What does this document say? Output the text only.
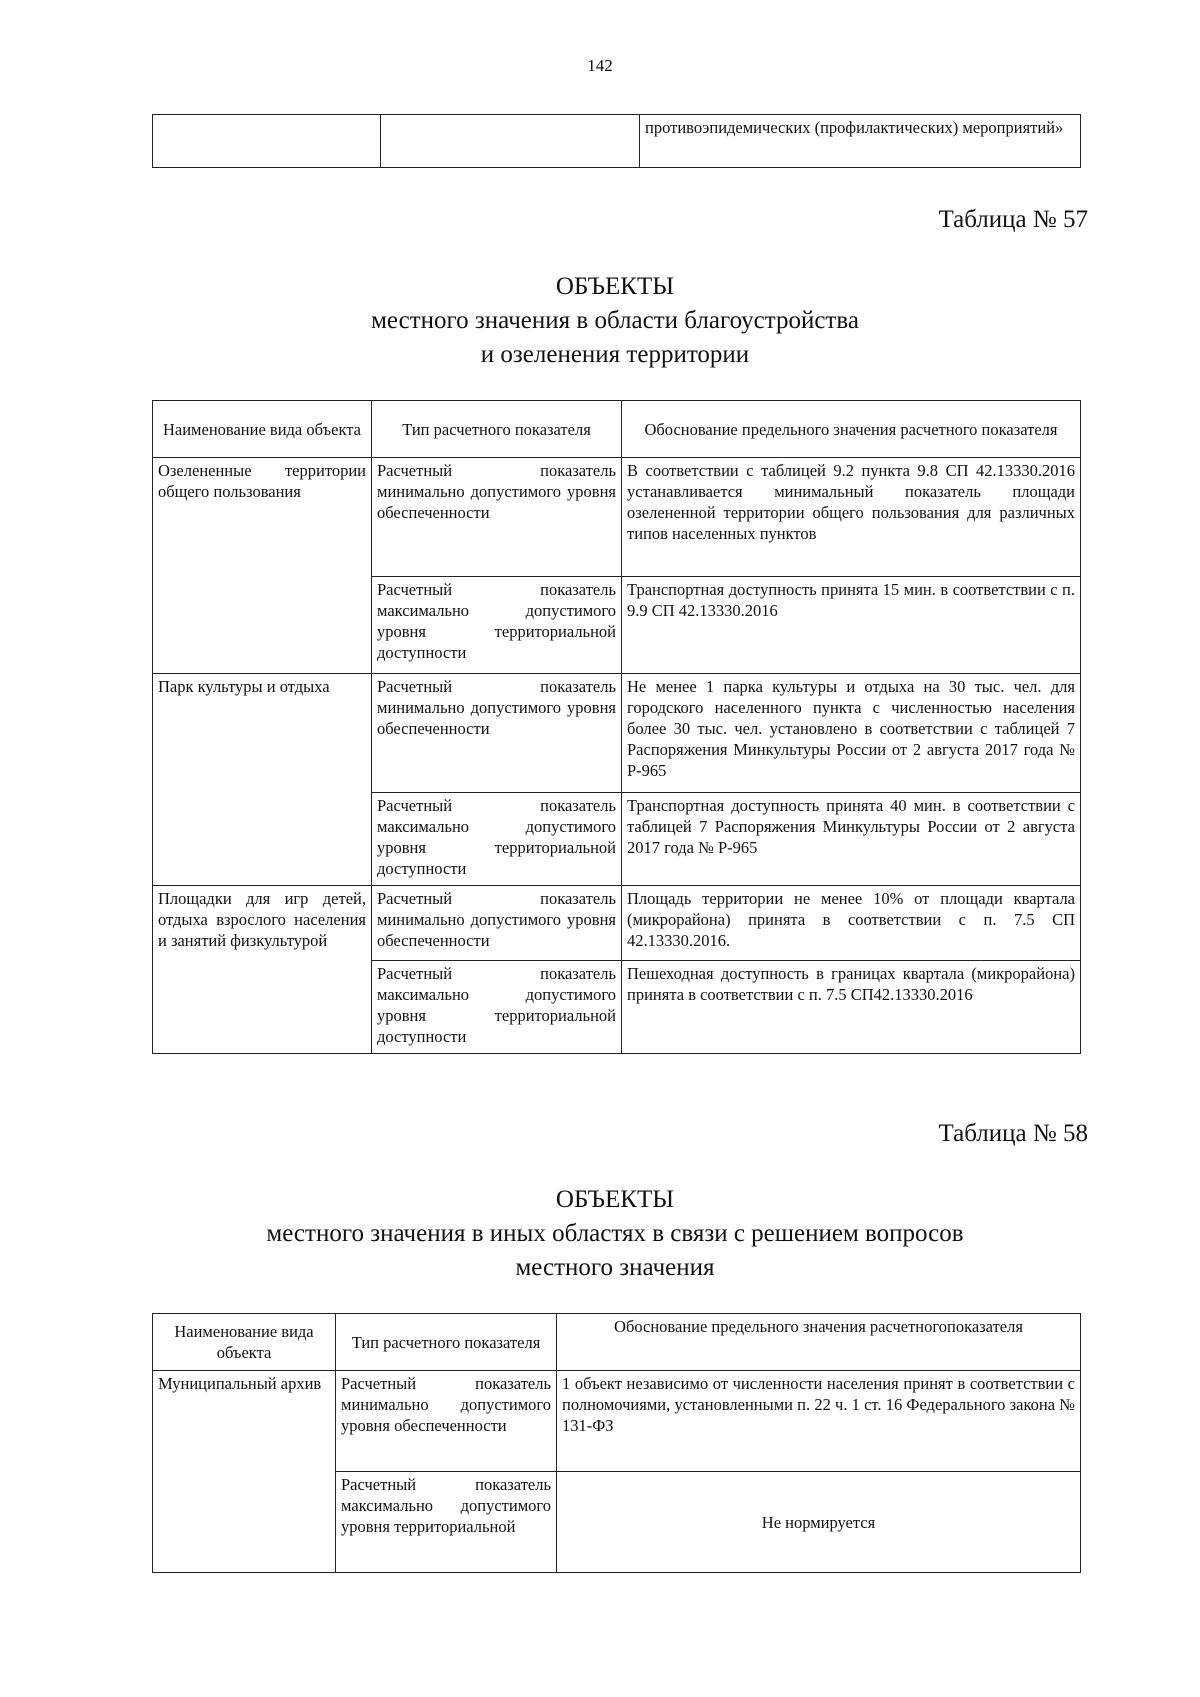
142
		противоэпидемических (профилактических) мероприятий»
Таблица № 57
ОБЪЕКТЫ
местного значения в области благоустройства
и озеленения территории
Наименование вида объекта	Тип расчетного показателя	Обоснование предельного значения расчетного показателя
Озелененные территории общего пользования	Расчетный показатель минимально допустимого уровня обеспеченности	В соответствии с таблицей 9.2 пункта 9.8 СП 42.13330.2016 устанавливается минимальный показатель площади озелененной территории общего пользования для различных типов населенных пунктов
	Расчетный показатель максимально допустимого уровня территориальной доступности	Транспортная доступность принята 15 мин. в соответствии с п. 9.9 СП 42.13330.2016
Парк культуры и отдыха	Расчетный показатель минимально допустимого уровня обеспеченности	Не менее 1 парка культуры и отдыха на 30 тыс. чел. для городского населенного пункта с численностью населения более 30 тыс. чел. установлено в соответствии с таблицей 7 Распоряжения Минкультуры России от 2 августа 2017 года № Р-965
	Расчетный показатель максимально допустимого уровня территориальной доступности	Транспортная доступность принята 40 мин. в соответствии с таблицей 7 Распоряжения Минкультуры России от 2 августа 2017 года № Р-965
Площадки для игр детей, отдыха взрослого населения и занятий физкультурой	Расчетный показатель минимально допустимого уровня обеспеченности	Площадь территории не менее 10% от площади квартала (микрорайона) принята в соответствии с п. 7.5 СП 42.13330.2016.
	Расчетный показатель максимально допустимого уровня территориальной доступности	Пешеходная доступность в границах квартала (микрорайона) принята в соответствии с п. 7.5 СП42.13330.2016
Таблица № 58
ОБЪЕКТЫ
местного значения в иных областях в связи с решением вопросов
местного значения
Наименование вида объекта	Тип расчетного показателя	Обоснование предельного значения расчетногопоказателя
Муниципальный архив	Расчетный показатель минимально допустимого уровня обеспеченности	1 объект независимо от численности населения принят в соответствии с полномочиями, установленными п. 22 ч. 1 ст. 16 Федерального закона № 131-ФЗ
	Расчетный показатель максимально допустимого уровня территориальной	Не нормируется
